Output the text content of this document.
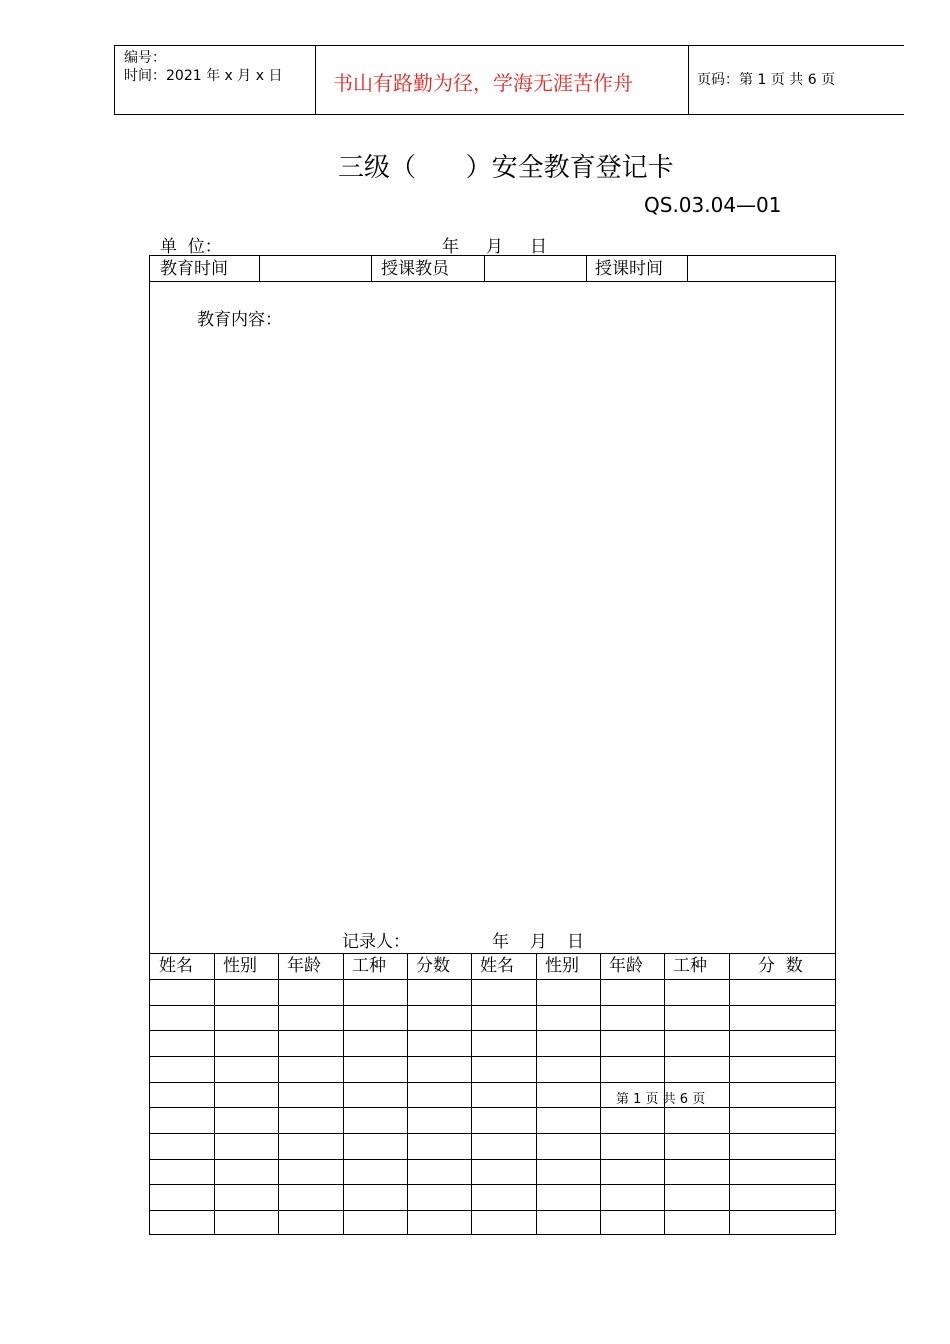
编号：
时间：2021 年 x 月 x 日	书山有路勤为径，学海无涯苦作舟	页码：第 1 页 共 6 页
三级（      ）安全教育登记卡
QS.03.04—01
单  位：	年 月 日
教育时间	授课教员	授课时间
教育内容：
记录人：	年 月 日
姓名 性别 年龄 工种 分数 姓名 性别 年龄 工种	分  数
第 1 页 共 6 页
